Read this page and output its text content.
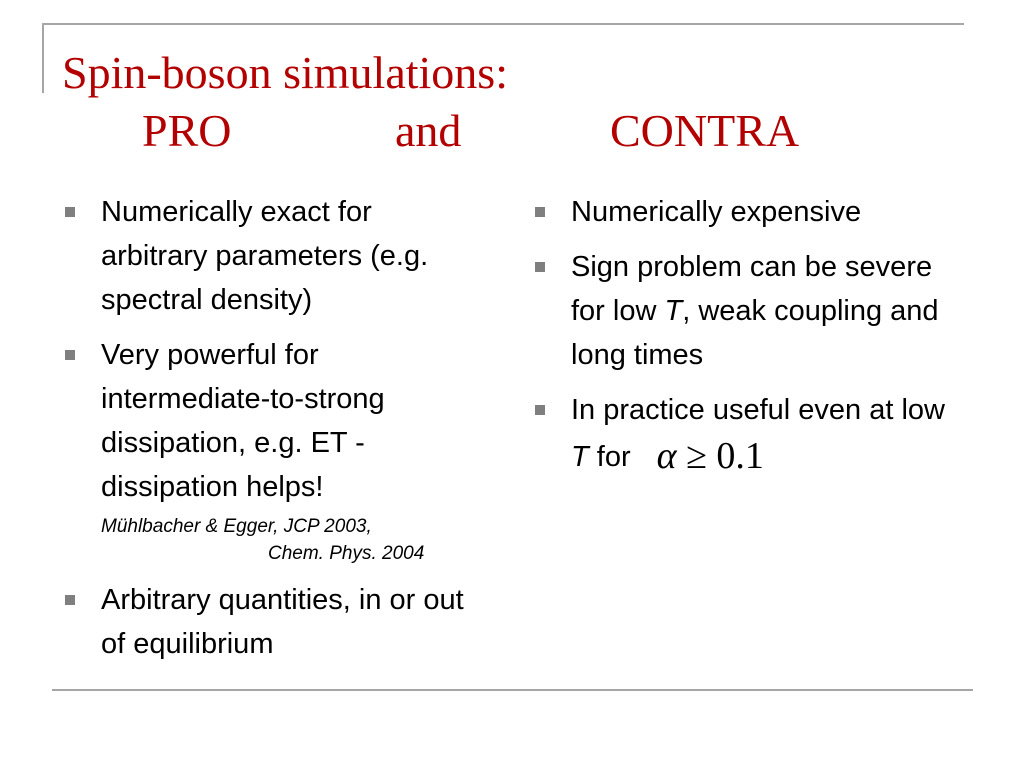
Spin-boson simulations:
PRO	and	CONTRA
Numerically exact for arbitrary parameters (e.g. spectral density)
Very powerful for intermediate-to-strong dissipation, e.g. ET - dissipation helps!
Mühlbacher & Egger, JCP 2003,
Chem. Phys. 2004
Arbitrary quantities, in or out of equilibrium
Numerically expensive
Sign problem can be severe for low T, weak coupling and long times
In practice useful even at low T for α ≥ 0.1
